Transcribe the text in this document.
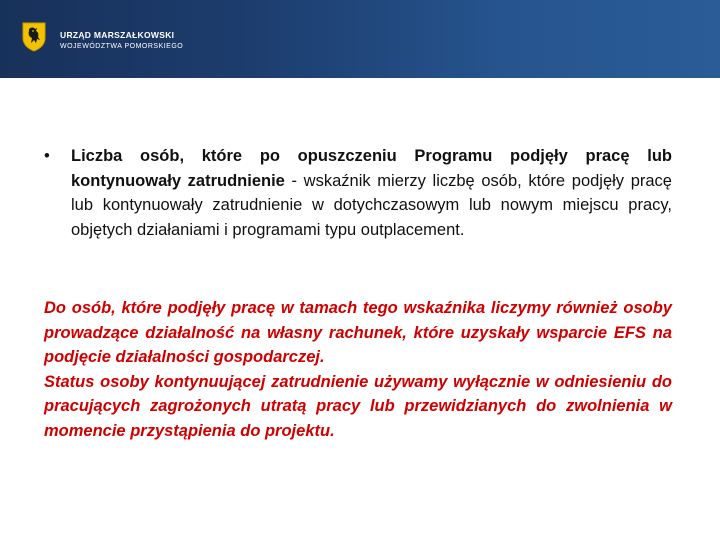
URZĄD MARSZAŁKOWSKI
WOJEWÓDZTWA POMORSKIEGO
• Liczba osób, które po opuszczeniu Programu podjęły pracę lub kontynuowały zatrudnienie - wskaźnik mierzy liczbę osób, które podjęły pracę lub kontynuowały zatrudnienie w dotychczasowym lub nowym miejscu pracy, objętych działaniami i programami typu outplacement.

Do osób, które podjęły pracę w tamach tego wskaźnika liczymy również osoby prowadzące działalność na własny rachunek, które uzyskały wsparcie EFS na podjęcie działalności gospodarczej.

Status osoby kontynuującej zatrudnienie używamy wyłącznie w odniesieniu do pracujących zagrożonych utratą pracy lub przewidzianych do zwolnienia w momencie przystąpienia do projektu.
